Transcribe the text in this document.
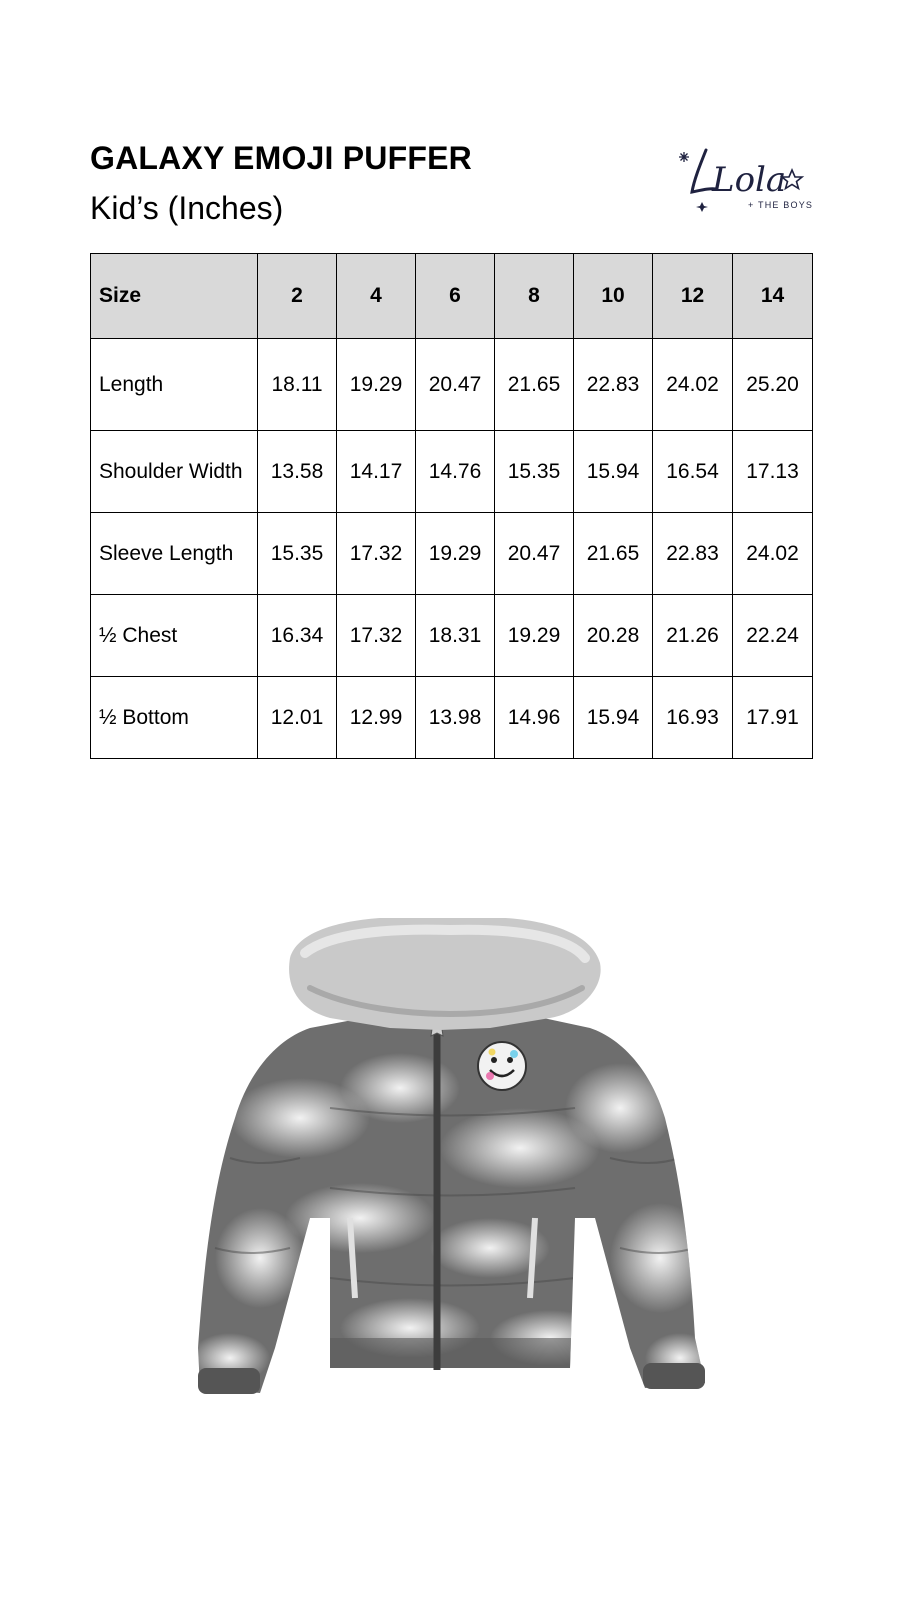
GALAXY EMOJI PUFFER
Kid’s (Inches)
Lola
+ THE BOYS
Size	2	4	6	8	10	12	14
Length	18.11	19.29	20.47	21.65	22.83	24.02	25.20
Shoulder Width	13.58	14.17	14.76	15.35	15.94	16.54	17.13
Sleeve Length	15.35	17.32	19.29	20.47	21.65	22.83	24.02
½ Chest	16.34	17.32	18.31	19.29	20.28	21.26	22.24
½ Bottom	12.01	12.99	13.98	14.96	15.94	16.93	17.91
